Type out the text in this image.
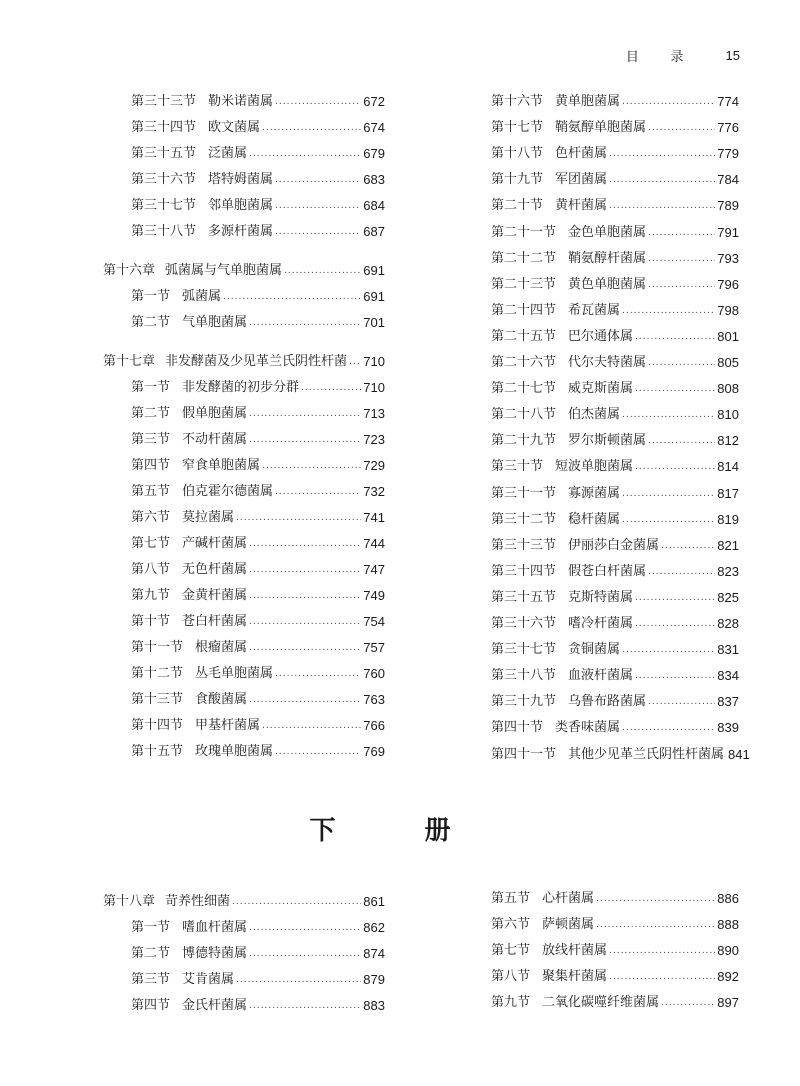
目 录 15
第三十三节 勒米诺菌属 .....	672
第三十四节 欧文菌属 .....	674
第三十五节 泛菌属 .....	679
第三十六节 塔特姆菌属 .....	683
第三十七节 邻单胞菌属 .....	684
第三十八节 多源杆菌属 .....	687
第十六章 弧菌属与气单胞菌属 .....	691
第一节 弧菌属 .....	691
第二节 气单胞菌属 .....	701
第十七章 非发酵菌及少见革兰氏阴性杆菌 ..... 710
第一节 非发酵菌的初步分群 .....	710
第二节 假单胞菌属 .....	713
第三节 不动杆菌属 .....	723
第四节 窄食单胞菌属 .....	729
第五节 伯克霍尔德菌属 .....	732
第六节 莫拉菌属 .....	741
第七节 产碱杆菌属 .....	744
第八节 无色杆菌属 .....	747
第九节 金黄杆菌属 .....	749
第十节 苍白杆菌属 .....	754
第十一节 根瘤菌属 .....	757
第十二节 丛毛单胞菌属 .....	760
第十三节 食酸菌属 .....	763
第十四节 甲基杆菌属 .....	766
第十五节 玫瑰单胞菌属 .....	769
第十六节 黄单胞菌属 .....	774
第十七节 鞘氨醇单胞菌属 .....	776
第十八节 色杆菌属 .....	779
第十九节 军团菌属 .....	784
第二十节 黄杆菌属 .....	789
第二十一节 金色单胞菌属 .....	791
第二十二节 鞘氨醇杆菌属 .....	793
第二十三节 黄色单胞菌属 .....	796
第二十四节 希瓦菌属 .....	798
第二十五节 巴尔通体属 .....	801
第二十六节 代尔夫特菌属 .....	805
第二十七节 威克斯菌属 .....	808
第二十八节 伯杰菌属 .....	810
第二十九节 罗尔斯顿菌属 .....	812
第三十节 短波单胞菌属 .....	814
第三十一节 寡源菌属 .....	817
第三十二节 稳杆菌属 .....	819
第三十三节 伊丽莎白金菌属 .....	821
第三十四节 假苍白杆菌属 .....	823
第三十五节 克斯特菌属 .....	825
第三十六节 嗜冷杆菌属 .....	828
第三十七节 贪铜菌属 .....	831
第三十八节 血液杆菌属 .....	834
第三十九节 乌鲁布路菌属 .....	837
第四十节 类香味菌属 .....	839
第四十一节 其他少见革兰氏阴性杆菌属 841
下 册
第十八章 苛养性细菌 .....	861
第一节 嗜血杆菌属 .....	862
第二节 博德特菌属 .....	874
第三节 艾肯菌属 .....	879
第四节 金氏杆菌属 .....	883
第五节 心杆菌属 .....	886
第六节 萨顿菌属 .....	888
第七节 放线杆菌属 .....	890
第八节 聚集杆菌属 .....	892
第九节 二氧化碳噬纤维菌属 .....	897
